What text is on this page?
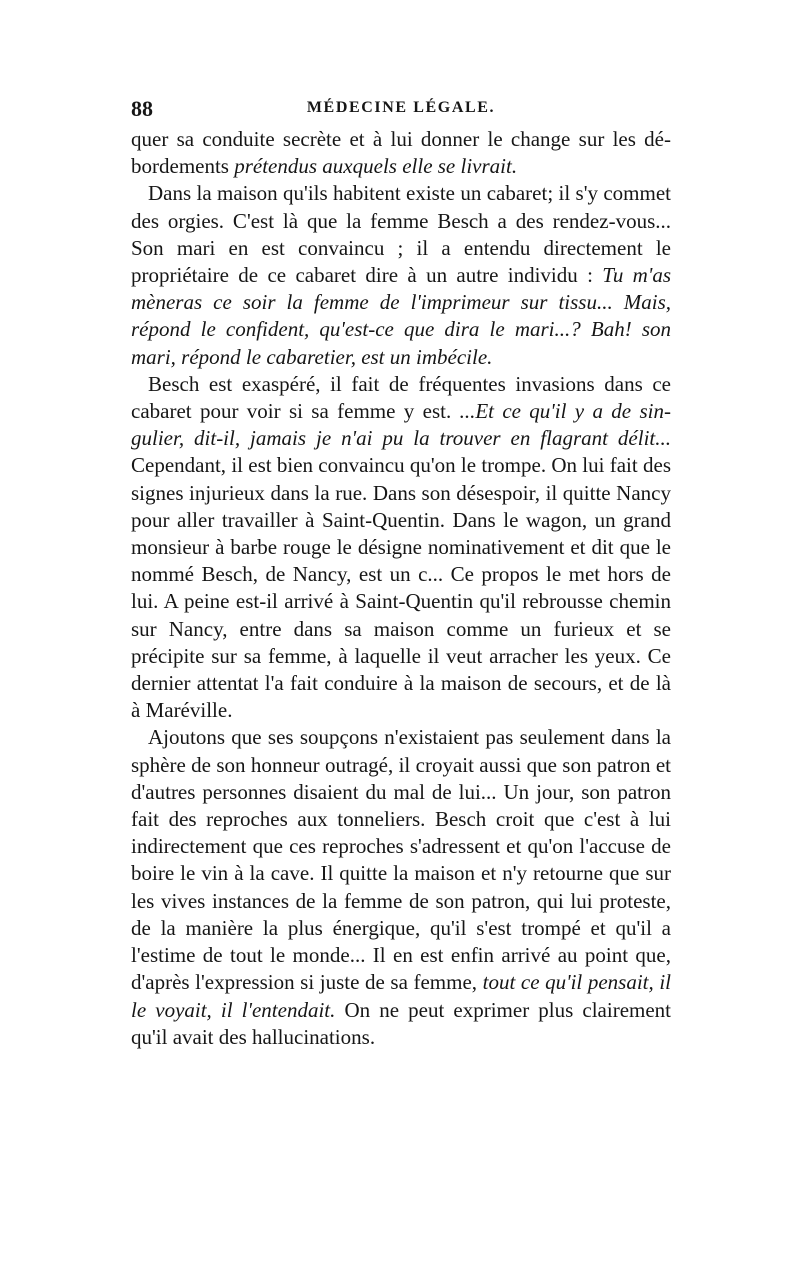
88	MÉDECINE LÉGALE.

quer sa conduite secrète et à lui donner le change sur les débordements prétendus auxquels elle se livrait.

Dans la maison qu'ils habitent existe un cabaret; il s'y commet des orgies. C'est là que la femme Besch a des rendez-vous... Son mari en est convaincu ; il a entendu directement le propriétaire de ce cabaret dire à un autre individu : Tu m'as mèneras ce soir la femme de l'imprimeur sur tissu... Mais, répond le confident, qu'est-ce que dira le mari...? Bah! son mari, répond le cabaretier, est un imbécile.

Besch est exaspéré, il fait de fréquentes invasions dans ce cabaret pour voir si sa femme y est. ...Et ce qu'il y a de singulier, dit-il, jamais je n'ai pu la trouver en flagrant délit... Cependant, il est bien convaincu qu'on le trompe. On lui fait des signes injurieux dans la rue. Dans son désespoir, il quitte Nancy pour aller travailler à Saint-Quentin. Dans le wagon, un grand monsieur à barbe rouge le désigne nominativement et dit que le nommé Besch, de Nancy, est un c... Ce propos le met hors de lui. A peine est-il arrivé à Saint-Quentin qu'il rebrousse chemin sur Nancy, entre dans sa maison comme un furieux et se précipite sur sa femme, à laquelle il veut arracher les yeux. Ce dernier attentat l'a fait conduire à la maison de secours, et de là à Maréville.

Ajoutons que ses soupçons n'existaient pas seulement dans la sphère de son honneur outragé, il croyait aussi que son patron et d'autres personnes disaient du mal de lui... Un jour, son patron fait des reproches aux tonneliers. Besch croit que c'est à lui indirectement que ces reproches s'adressent et qu'on l'accuse de boire le vin à la cave. Il quitte la maison et n'y retourne que sur les vives instances de la femme de son patron, qui lui proteste, de la manière la plus énergique, qu'il s'est trompé et qu'il a l'estime de tout le monde... Il en est enfin arrivé au point que, d'après l'expression si juste de sa femme, tout ce qu'il pensait, il le voyait, il l'entendait. On ne peut exprimer plus clairement qu'il avait des hallucinations.
